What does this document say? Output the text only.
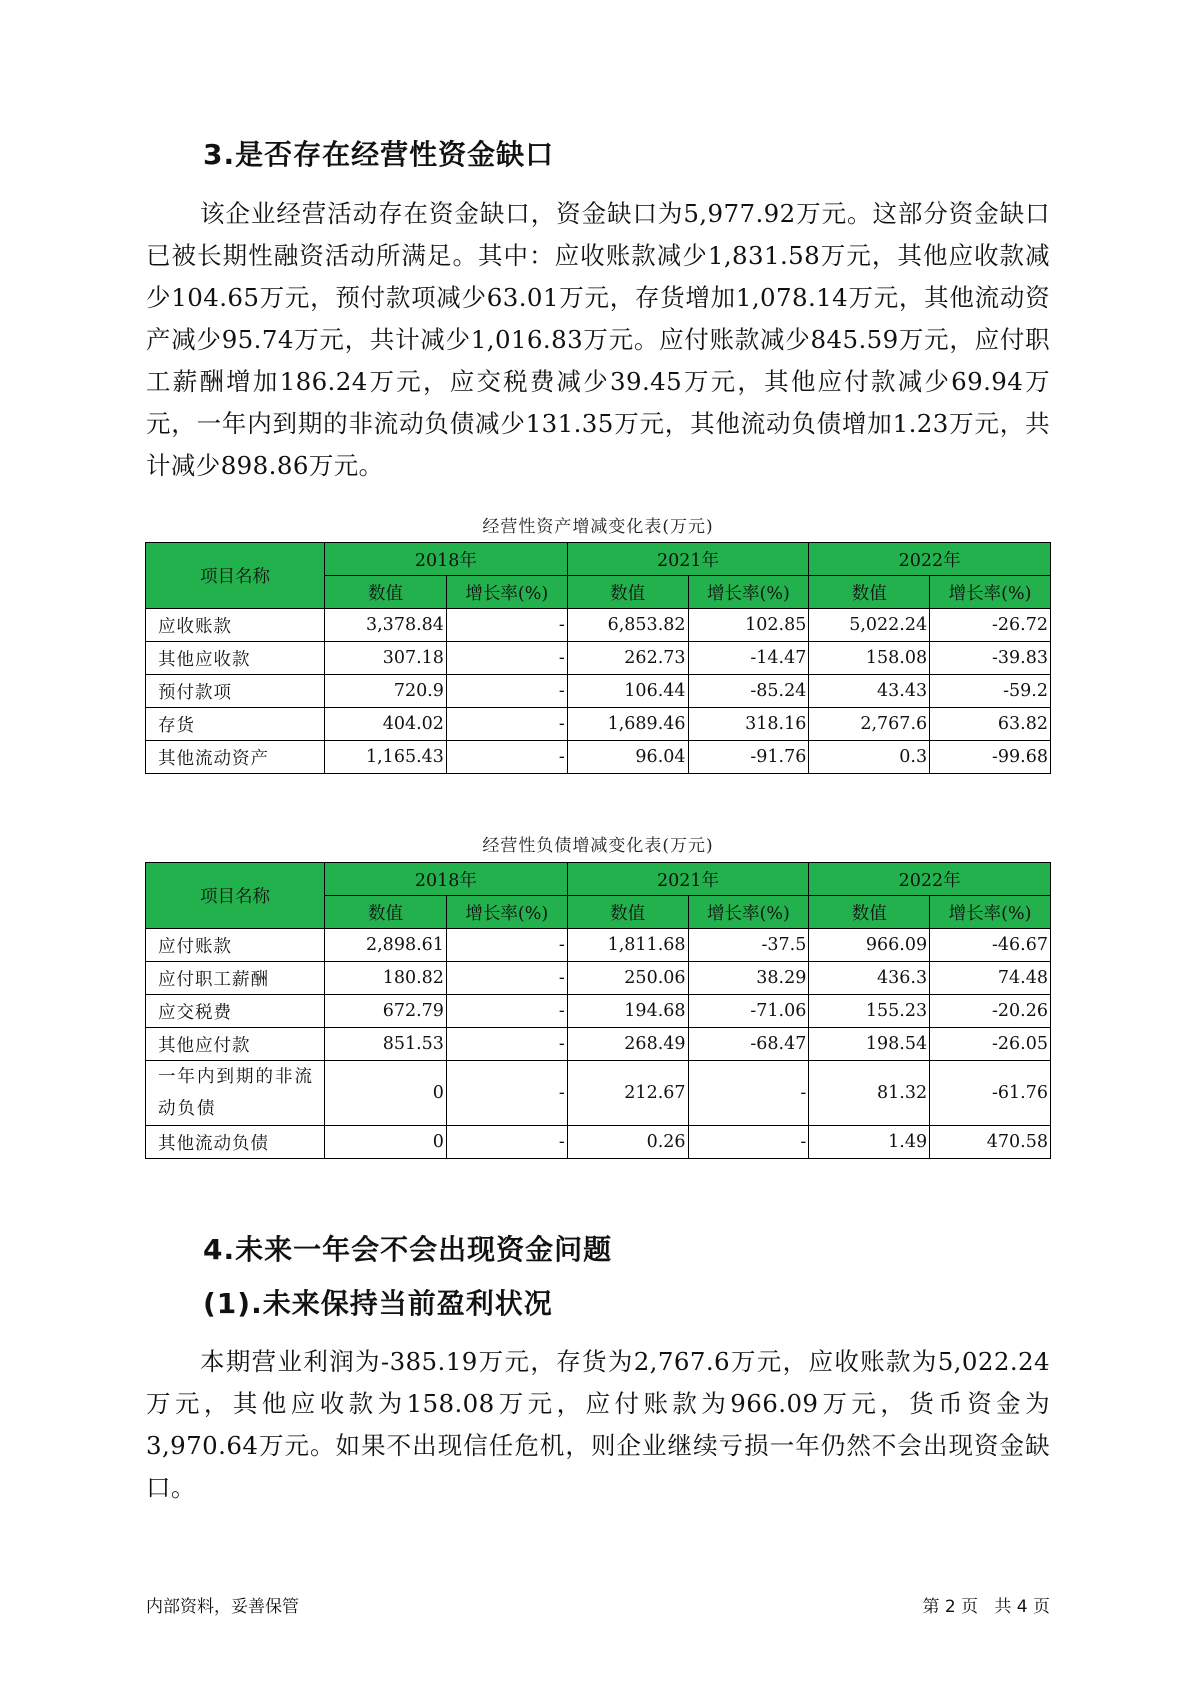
3.是否存在经营性资金缺口
该企业经营活动存在资金缺口，资金缺口为5,977.92万元。这部分资金缺口已被长期性融资活动所满足。其中：应收账款减少1,831.58万元，其他应收款减少104.65万元，预付款项减少63.01万元，存货增加1,078.14万元，其他流动资产减少95.74万元，共计减少1,016.83万元。应付账款减少845.59万元，应付职工薪酬增加186.24万元，应交税费减少39.45万元，其他应付款减少69.94万元，一年内到期的非流动负债减少131.35万元，其他流动负债增加1.23万元，共计减少898.86万元。
经营性资产增减变化表(万元)
项目名称	2018年		2021年		2022年	
	数值	增长率(%)	数值	增长率(%)	数值	增长率(%)
应收账款	3,378.84	-	6,853.82	102.85	5,022.24	-26.72
其他应收款	307.18	-	262.73	-14.47	158.08	-39.83
预付款项	720.9	-	106.44	-85.24	43.43	-59.2
存货	404.02	-	1,689.46	318.16	2,767.6	63.82
其他流动资产	1,165.43	-	96.04	-91.76	0.3	-99.68
经营性负债增减变化表(万元)
项目名称	2018年		2021年		2022年	
	数值	增长率(%)	数值	增长率(%)	数值	增长率(%)
应付账款	2,898.61	-	1,811.68	-37.5	966.09	-46.67
应付职工薪酬	180.82	-	250.06	38.29	436.3	74.48
应交税费	672.79	-	194.68	-71.06	155.23	-20.26
其他应付款	851.53	-	268.49	-68.47	198.54	-26.05
一年内到期的非流动负债	0	-	212.67	-	81.32	-61.76
其他流动负债	0	-	0.26	-	1.49	470.58
4.未来一年会不会出现资金问题
(1).未来保持当前盈利状况
本期营业利润为-385.19万元，存货为2,767.6万元，应收账款为5,022.24万元，其他应收款为158.08万元，应付账款为966.09万元，货币资金为3,970.64万元。如果不出现信任危机，则企业继续亏损一年仍然不会出现资金缺口。
内部资料，妥善保管	第 2 页   共 4 页
